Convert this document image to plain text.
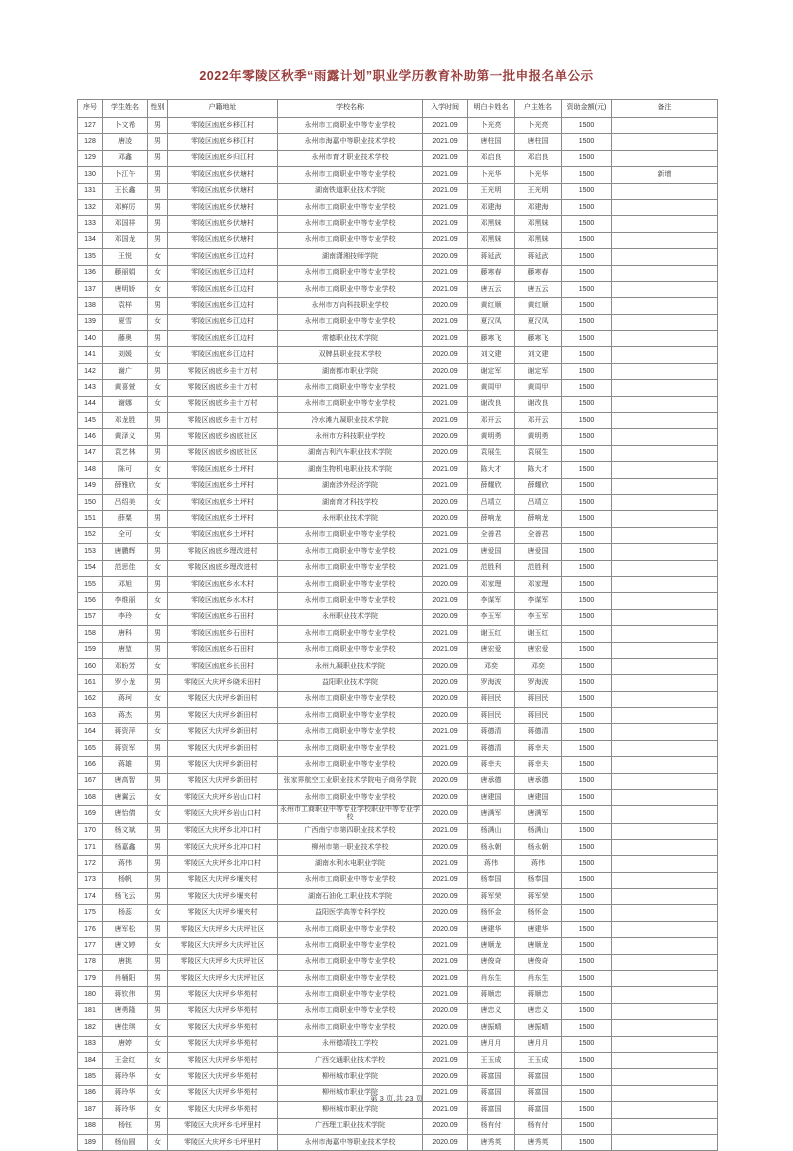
2022年零陵区秋季“雨露计划”职业学历教育补助第一批申报名单公示
序号	学生姓名	性别	户籍地址	学校名称	入学时间	明白卡姓名	户主姓名	资助金额(元)	备注
127	卜文希	男	零陵区凼底乡移江村	永州市工商职业中等专业学校	2021.09	卜光亮	卜光亮	1500	
128	唐凌	男	零陵区凼底乡移江村	永州市海嘉中等职业技术学校	2021.09	唐柱国	唐柱国	1500	
129	邓鑫	男	零陵区凼底乡归江村	永州市育才职业技术学校	2021.09	邓启良	邓启良	1500	
130	卜江午	男	零陵区凼底乡伏塘村	永州市工商职业中等专业学校	2021.09	卜光华	卜光华	1500	新增
131	王长鑫	男	零陵区凼底乡伏塘村	湖南铁道职业技术学院	2021.09	王光明	王光明	1500	
132	邓鲜厉	男	零陵区凼底乡伏塘村	永州市工商职业中等专业学校	2021.09	邓建海	邓建海	1500	
133	邓国祥	男	零陵区凼底乡伏塘村	永州市工商职业中等专业学校	2021.09	邓黑妹	邓黑妹	1500	
134	邓国龙	男	零陵区凼底乡伏塘村	永州市工商职业中等专业学校	2021.09	邓黑妹	邓黑妹	1500	
135	王悦	女	零陵区凼底乡江边村	湖南潇湘技师学院	2020.09	蒋延武	蒋延武	1500	
136	藤丽娟	女	零陵区凼底乡江边村	永州市工商职业中等专业学校	2021.09	藤寒春	藤寒春	1500	
137	唐明娇	女	零陵区凼底乡江边村	永州市工商职业中等专业学校	2021.09	唐五云	唐五云	1500	
138	袁样	男	零陵区凼底乡江边村	永州市万向科技职业学校	2020.09	黄红顺	黄红顺	1500	
139	夏雪	女	零陵区凼底乡江边村	永州市工商职业中等专业学校	2021.09	夏汉凤	夏汉凤	1500	
140	藤奥	男	零陵区凼底乡江边村	常德职业技术学院	2021.09	藤寒飞	藤寒飞	1500	
141	刘媛	女	零陵区凼底乡江边村	双牌县职业技术学校	2020.09	刘文建	刘文建	1500	
142	谢广	男	零陵区凼底乡圭十万村	湖南都市职业学院	2020.09	谢定军	谢定军	1500	
143	黄喜萱	女	零陵区凼底乡圭十万村	永州市工商职业中等专业学校	2021.09	黄周甲	黄周甲	1500	
144	谢娜	女	零陵区凼底乡圭十万村	永州市工商职业中等专业学校	2021.09	谢改良	谢改良	1500	
145	邓龙胜	男	零陵区凼底乡圭十万村	冷水滩九凝职业技术学院	2021.09	邓开云	邓开云	1500	
146	黄泽义	男	零陵区凼底乡凼底社区	永州市方科技职业学校	2020.09	黄明勇	黄明勇	1500	
147	袁艺林	男	零陵区凼底乡凼底社区	湖南吉利汽车职业技术学院	2020.09	袁展生	袁展生	1500	
148	陈可	女	零陵区凼底乡土坪村	湖南生物机电职业技术学院	2021.09	陈大才	陈大才	1500	
149	薛雅欣	女	零陵区凼底乡土坪村	湖南涉外经济学院	2021.09	薛耀欣	薛耀欣	1500	
150	吕绍美	女	零陵区凼底乡土坪村	湖南育才科技学校	2020.09	吕靖立	吕靖立	1500	
151	薛粟	男	零陵区凼底乡土坪村	永州职业技术学院	2020.09	薛响龙	薛响龙	1500	
152	全可	女	零陵区凼底乡土坪村	永州市工商职业中等专业学校	2021.09	全善君	全善君	1500	
153	唐鹏辉	男	零陵区凼底乡理改进村	永州市工商职业中等专业学校	2021.09	唐爱国	唐爱国	1500	
154	范思佳	女	零陵区凼底乡理改进村	永州市工商职业中等专业学校	2021.09	范胜利	范胜利	1500	
155	邓旭	男	零陵区凼底乡水木村	永州市工商职业中等专业学校	2020.09	邓家理	邓家理	1500	
156	李维丽	女	零陵区凼底乡水木村	永州市工商职业中等专业学校	2021.09	李谋军	李谋军	1500	
157	李玲	女	零陵区凼底乡石田村	永州职业技术学院	2020.09	李玉军	李玉军	1500	
158	唐科	男	零陵区凼底乡石田村	永州市工商职业中等专业学校	2021.09	谢玉红	谢玉红	1500	
159	唐堃	男	零陵区凼底乡石田村	永州市工商职业中等专业学校	2021.09	唐宏爱	唐宏爱	1500	
160	邓盼芳	女	零陵区凼底乡长田村	永州九凝职业技术学院	2020.09	邓奕	邓奕	1500	
161	罗小龙	男	零陵区大庆坪乡晓禾田村	益阳职业技术学院	2020.09	罗海波	罗海波	1500	
162	蒋珂	女	零陵区大庆坪乡新田村	永州市工商职业中等专业学校	2020.09	蒋回民	蒋回民	1500	
163	蒋杰	男	零陵区大庆坪乡新田村	永州市工商职业中等专业学校	2020.09	蒋回民	蒋回民	1500	
164	蒋资萍	女	零陵区大庆坪乡新田村	永州市工商职业中等专业学校	2021.09	蒋德清	蒋德清	1500	
165	蒋资军	男	零陵区大庆坪乡新田村	永州市工商职业中等专业学校	2021.09	蒋德清	蒋幸夫	1500	
166	蒋雄	男	零陵区大庆坪乡新田村	永州市工商职业中等专业学校	2020.09	蒋幸夫	蒋幸夫	1500	
167	唐高智	男	零陵区大庆坪乡新田村	张家界航空工业职业技术学院电子商务学院	2020.09	唐承德	唐承德	1500	
168	唐翼云	女	零陵区大庆坪乡岩山口村	永州市工商职业中等专业学校	2020.09	唐建国	唐建国	1500	
169	唐怡倩	女	零陵区大庆坪乡岩山口村	永州市工商职业中等专业学校职业中等专业学校	2020.09	唐满军	唐满军	1500	
170	杨文斌	男	零陵区大庆坪乡北冲口村	广西南宁市第四职业技术学校	2021.09	杨满山	杨满山	1500	
171	杨嘉鑫	男	零陵区大庆坪乡北冲口村	柳州市第一职业技术学校	2020.09	杨永朝	杨永朝	1500	
172	蒋伟	男	零陵区大庆坪乡北冲口村	湖南水利水电职业学院	2021.09	蒋伟	蒋伟	1500	
173	杨帆	男	零陵区大庆坪乡堰夹村	永州市工商职业中等专业学校	2021.09	杨奉国	杨奉国	1500	
174	杨飞云	男	零陵区大庆坪乡堰夹村	湖南石油化工职业技术学院	2020.09	蒋军荣	蒋军荣	1500	
175	杨蕊	女	零陵区大庆坪乡堰夹村	益阳医学高等专科学校	2020.09	杨怀金	杨怀金	1500	
176	唐军松	男	零陵区大庆坪乡大庆坪社区	永州市工商职业中等专业学校	2020.09	唐建华	唐建华	1500	
177	唐文婷	女	零陵区大庆坪乡大庆坪社区	永州市工商职业中等专业学校	2021.09	唐顺龙	唐顺龙	1500	
178	唐挑	男	零陵区大庆坪乡大庆坪社区	永州市工商职业中等专业学校	2021.09	唐俊奇	唐俊奇	1500	
179	肖桶阳	男	零陵区大庆坪乡大庆坪社区	永州市工商职业中等专业学校	2021.09	肖东生	肖东生	1500	
180	蒋钦伟	男	零陵区大庆坪乡华苑村	永州市工商职业中等专业学校	2021.09	蒋顺忠	蒋顺忠	1500	
181	唐勇隆	男	零陵区大庆坪乡华苑村	永州市工商职业中等专业学校	2020.09	唐忠义	唐忠义	1500	
182	唐佳琪	女	零陵区大庆坪乡华苑村	永州市工商职业中等专业学校	2020.09	唐振晴	唐振晴	1500	
183	唐婷	女	零陵区大庆坪乡华苑村	永州德靖技工学校	2021.09	唐月月	唐月月	1500	
184	王金红	女	零陵区大庆坪乡华苑村	广西交通职业技术学校	2021.09	王玉成	王玉成	1500	
185	蒋玲华	女	零陵区大庆坪乡华苑村	柳州城市职业学院	2020.09	蒋富国	蒋富国	1500	
186	蒋玲华	女	零陵区大庆坪乡华苑村	柳州城市职业学院	2021.09	蒋富国	蒋富国	1500	
187	蒋玲华	女	零陵区大庆坪乡华苑村	柳州城市职业学院	2021.09	蒋富国	蒋富国	1500	
188	杨钰	男	零陵区大庆坪乡毛坪里村	广西理工职业技术学院	2020.09	杨有付	杨有付	1500	
189	杨仙圆	女	零陵区大庆坪乡毛坪里村	永州市海嘉中等职业技术学校	2020.09	唐秀英	唐秀英	1500	
第 3 页,共 23 页
